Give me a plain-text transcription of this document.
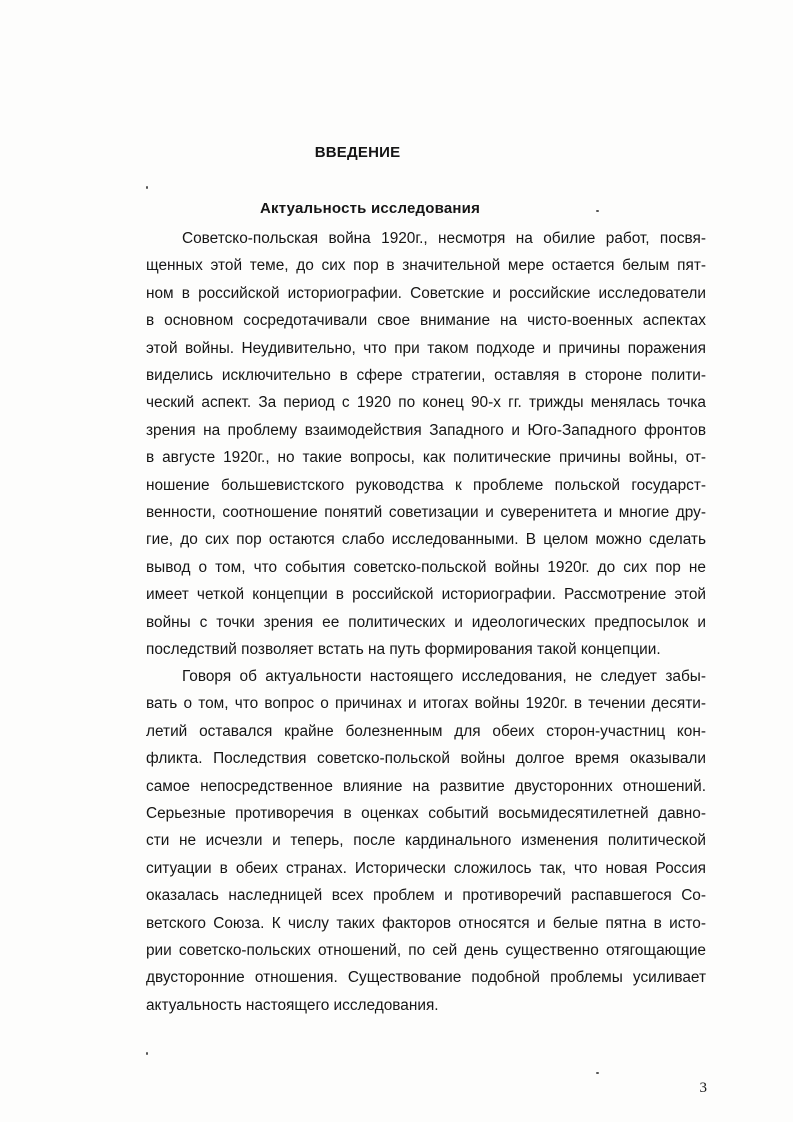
ВВЕДЕНИЕ
Актуальность исследования
Советско-польская война 1920г., несмотря на обилие работ, посвя-
щенных этой теме, до сих пор в значительной мере остается белым пят-
ном в российской историографии. Советские и российские исследователи
в основном сосредотачивали свое внимание на чисто-военных аспектах
этой войны. Неудивительно, что при таком подходе и причины поражения
виделись исключительно в сфере стратегии, оставляя в стороне полити-
ческий аспект. За период с 1920 по конец 90-х гг. трижды менялась точка
зрения на проблему взаимодействия Западного и Юго-Западного фронтов
в августе 1920г., но такие вопросы, как политические причины войны, от-
ношение большевистского руководства к проблеме польской государст-
венности, соотношение понятий советизации и суверенитета и многие дру-
гие, до сих пор остаются слабо исследованными. В целом можно сделать
вывод о том, что события советско-польской войны 1920г. до сих пор не
имеет четкой концепции в российской историографии. Рассмотрение этой
войны с точки зрения ее политических и идеологических предпосылок и
последствий позволяет встать на путь формирования такой концепции.
Говоря об актуальности настоящего исследования, не следует забы-
вать о том, что вопрос о причинах и итогах войны 1920г. в течении десяти-
летий оставался крайне болезненным для обеих сторон-участниц кон-
фликта. Последствия советско-польской войны долгое время оказывали
самое непосредственное влияние на развитие двусторонних отношений.
Серьезные противоречия в оценках событий восьмидесятилетней давно-
сти не исчезли и теперь, после кардинального изменения политической
ситуации в обеих странах. Исторически сложилось так, что новая Россия
оказалась наследницей всех проблем и противоречий распавшегося Со-
ветского Союза. К числу таких факторов относятся и белые пятна в исто-
рии советско-польских отношений, по сей день существенно отягощающие
двусторонние отношения. Существование подобной проблемы усиливает
актуальность настоящего исследования.

3
